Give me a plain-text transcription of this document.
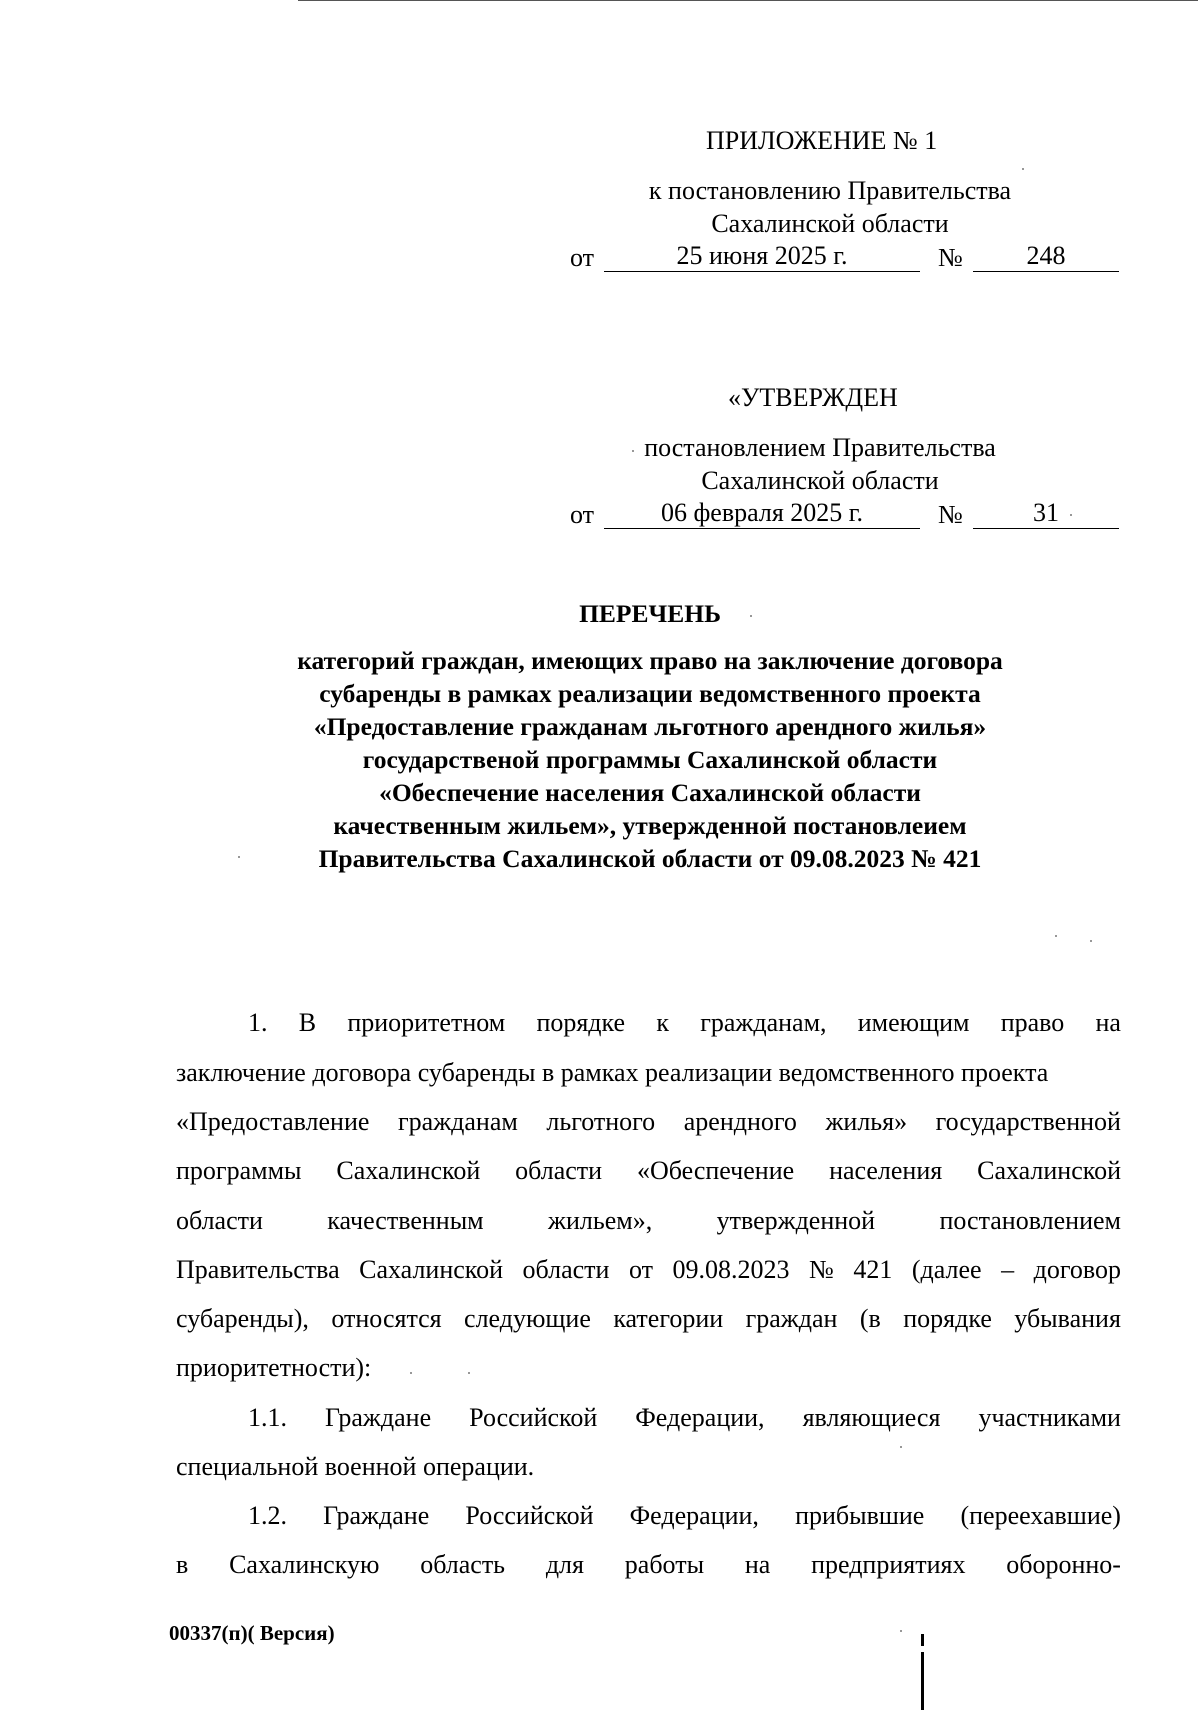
ПРИЛОЖЕНИЕ № 1
к постановлению Правительства
Сахалинской области
от	25 июня 2025 г.	№	248
«УТВЕРЖДЕН
постановлением Правительства
Сахалинской области
от	06 февраля 2025 г.	№	31
ПЕРЕЧЕНЬ
категорий граждан, имеющих право на заключение договора
субаренды в рамках реализации ведомственного проекта
«Предоставление гражданам льготного арендного жилья»
государственой программы Сахалинской области
«Обеспечение населения Сахалинской области
качественным жильем», утвержденной постановлеием
Правительства Сахалинской области от 09.08.2023 № 421
1. В приоритетном порядке к гражданам, имеющим право на
заключение договора субаренды в рамках реализации ведомственного проекта
«Предоставление гражданам льготного арендного жилья» государственной
программы Сахалинской области «Обеспечение населения Сахалинской
области качественным жильем», утвержденной постановлением
Правительства Сахалинской области от 09.08.2023 № 421 (далее – договор
субаренды), относятся следующие категории граждан (в порядке убывания
приоритетности):
1.1. Граждане Российской Федерации, являющиеся участниками
специальной военной операции.
1.2. Граждане Российской Федерации, прибывшие (переехавшие)
в Сахалинскую область для работы на предприятиях оборонно-
00337(п)( Версия)
